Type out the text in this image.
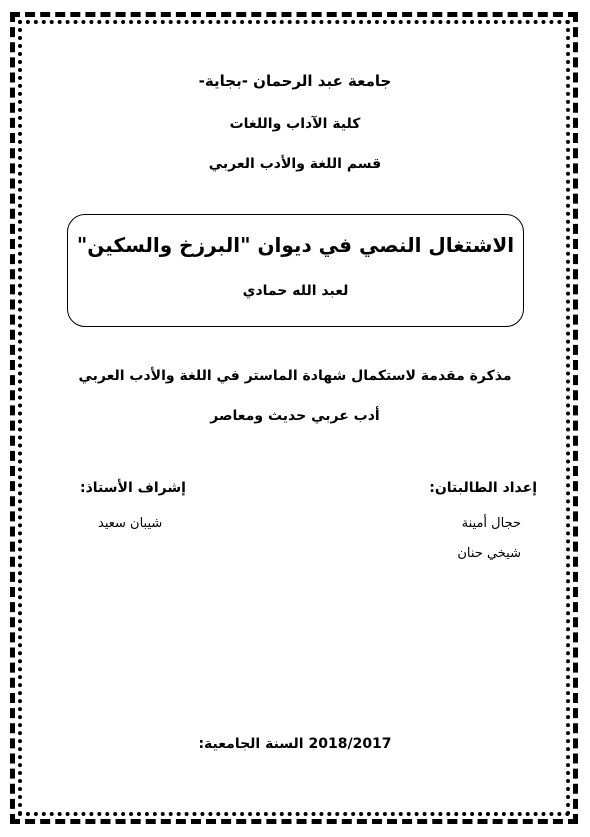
جامعة عبد الرحمان -بجاية-
كلية الآداب واللغات
قسم اللغة والأدب العربي
الاشتغال النصي في ديوان "البرزخ والسكين"
لعبد الله حمادي
مذكرة مقدمة لاستكمال شهادة الماستر في اللغة والأدب العربي
أدب عربي حديث ومعاصر
إعداد الطالبتان:
حجال أمينة
شيخي حنان
إشراف الأستاذ:
شيبان سعيد
السنة الجامعية: 2018/2017
